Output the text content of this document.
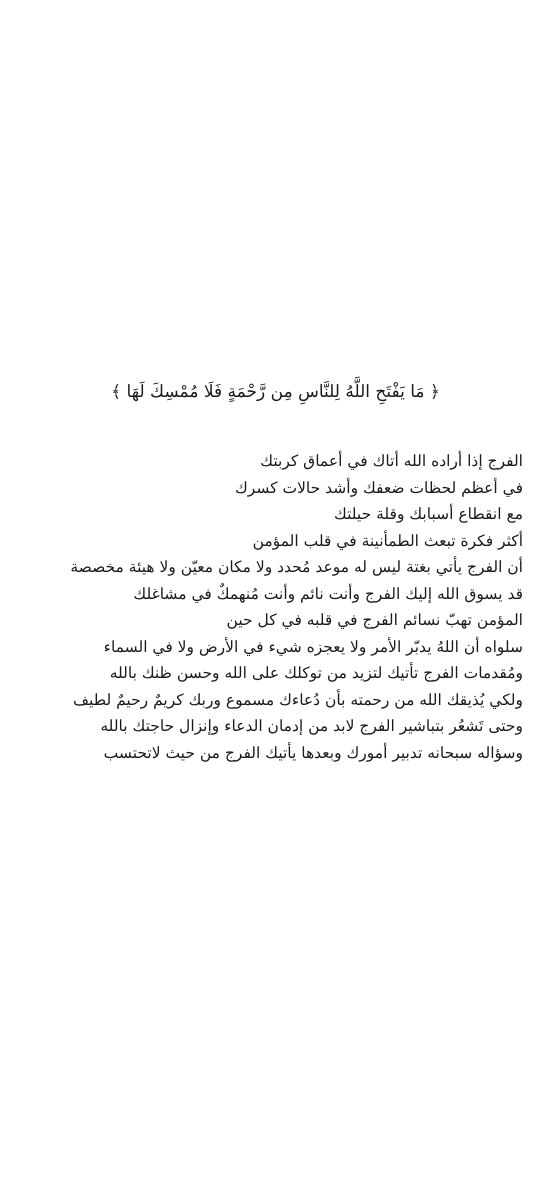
﴿ مَا يَفْتَحِ اللَّهُ لِلنَّاسِ مِن رَّحْمَةٍ فَلَا مُمْسِكَ لَهَا ﴾
الفرج إذا أراده الله أتاك في أعماق كربتك
في أعظم لحظات ضعفك وأشد حالات كسرك
مع انقطاع أسبابك وقلة حيلتك
أكثر فكرة تبعث الطمأنينة في قلب المؤمن
أن الفرج يأتي بغتة ليس له موعد مُحدد ولا مكان معيّن ولا هيئة مخصصة
قد يسوق الله إليك الفرج وأنت نائم وأنت مُنهمكٌ في مشاغلك
المؤمن تهبّ نسائم الفرج في قلبه في كل حين
سلواه أن اللهُ يدبّر الأمر ولا يعجزه شيء في الأرض ولا في السماء
ومُقدمات الفرج تأتيك لتزيد من توكلك على الله وحسن ظنك بالله
ولكي يُذيقك الله من رحمته بأن دُعاءك مسموع وربك كريمٌ رحيمٌ لطيف
وحتى تَشعُر بتباشير الفرج لابد من إدمان الدعاء وإنزال حاجتك بالله
وسؤاله سبحانه تدبير أمورك وبعدها يأتيك الفرج من حيث لاتحتسب
